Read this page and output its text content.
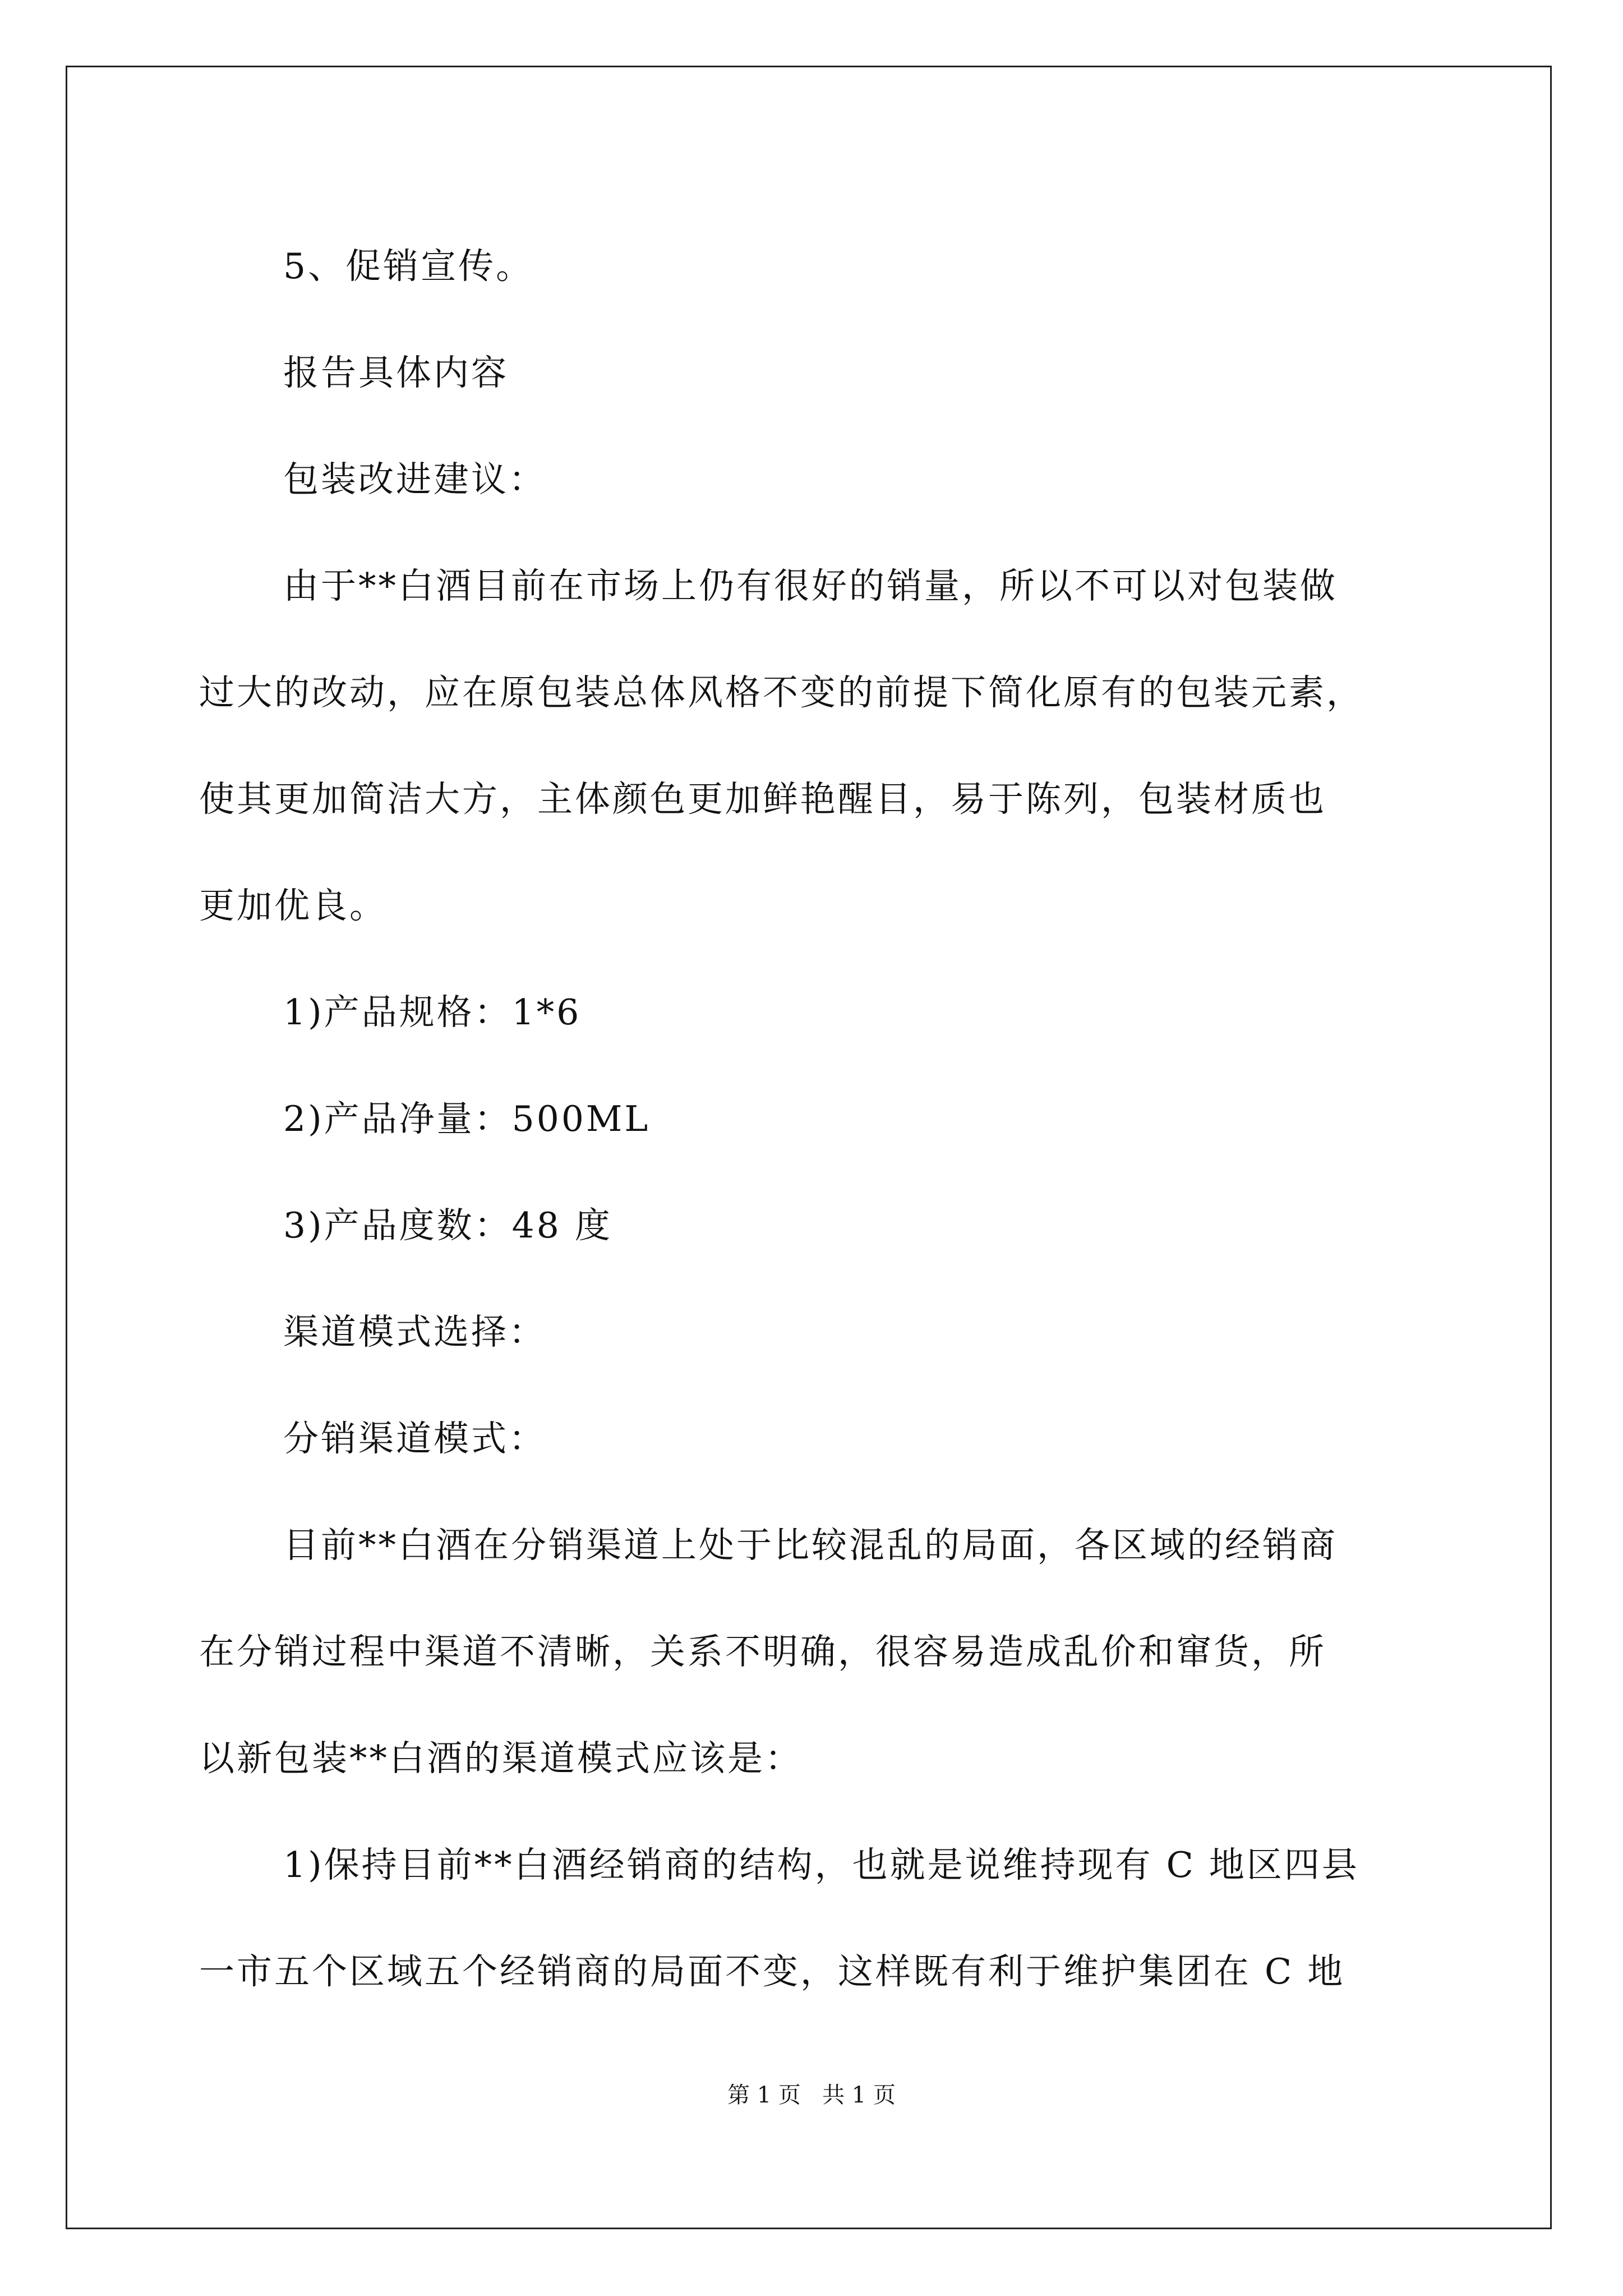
5、促销宣传。
报告具体内容
包装改进建议：
由于**白酒目前在市场上仍有很好的销量，所以不可以对包装做
过大的改动，应在原包装总体风格不变的前提下简化原有的包装元素，
使其更加简洁大方，主体颜色更加鲜艳醒目，易于陈列，包装材质也
更加优良。
1)产品规格：1*6
2)产品净量：500ML
3)产品度数：48 度
渠道模式选择：
分销渠道模式：
目前**白酒在分销渠道上处于比较混乱的局面，各区域的经销商
在分销过程中渠道不清晰，关系不明确，很容易造成乱价和窜货，所
以新包装**白酒的渠道模式应该是：
1)保持目前**白酒经销商的结构，也就是说维持现有 C 地区四县
一市五个区域五个经销商的局面不变，这样既有利于维护集团在 C 地
第 1 页   共 1 页
